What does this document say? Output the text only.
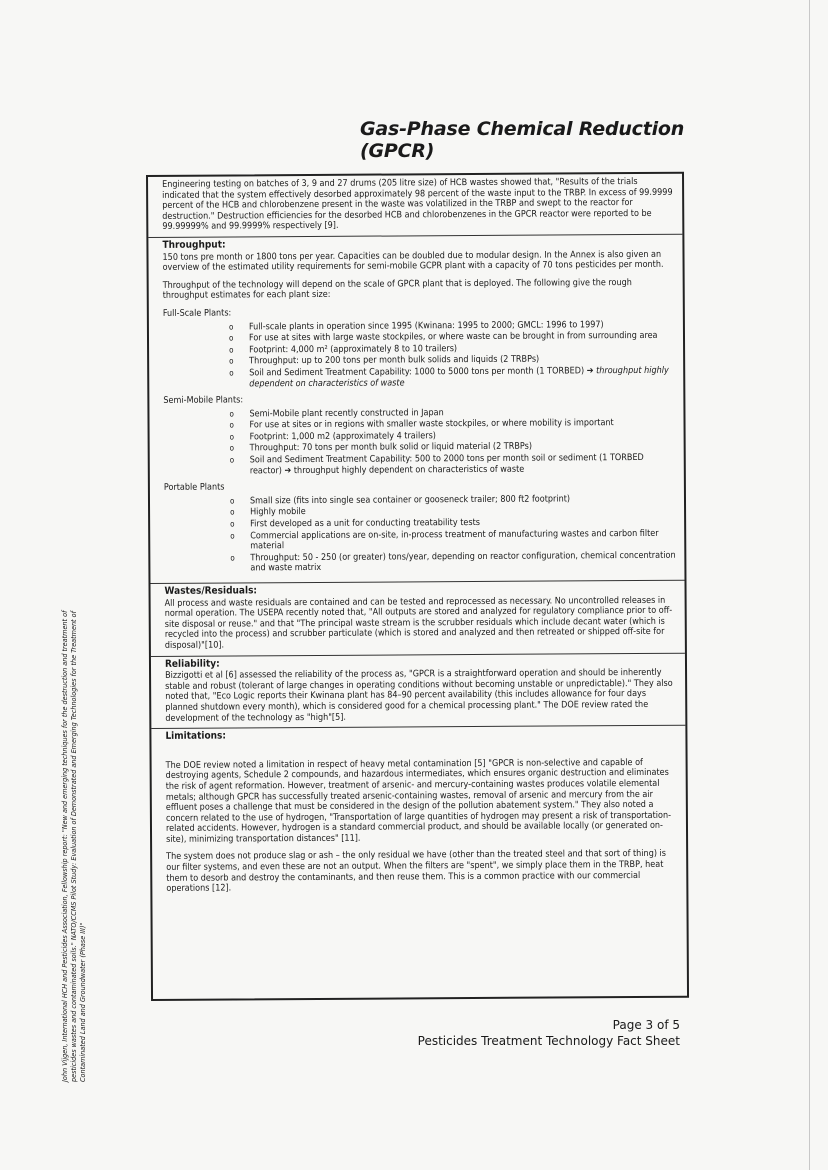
Gas-Phase Chemical Reduction (GPCR)
Engineering testing on batches of 3, 9 and 27 drums (205 litre size) of HCB wastes showed that, "Results of the trials indicated that the system effectively desorbed approximately 98 percent of the waste input to the TRBP. In excess of 99.9999 percent of the HCB and chlorobenzene present in the waste was volatilized in the TRBP and swept to the reactor for destruction." Destruction efficiencies for the desorbed HCB and chlorobenzenes in the GPCR reactor were reported to be 99.99999% and 99.9999% respectively [9].
Throughput:
150 tons pre month or 1800 tons per year. Capacities can be doubled due to modular design. In the Annex is also given an overview of the estimated utility requirements for semi-mobile GCPR plant with a capacity of 70 tons pesticides per month.
Throughput of the technology will depend on the scale of GPCR plant that is deployed. The following give the rough throughput estimates for each plant size:
Full-Scale Plants:
o Full-scale plants in operation since 1995 (Kwinana: 1995 to 2000; GMCL: 1996 to 1997)
o For use at sites with large waste stockpiles, or where waste can be brought in from surrounding area
o Footprint: 4,000 m² (approximately 8 to 10 trailers)
o Throughput: up to 200 tons per month bulk solids and liquids (2 TRBPs)
o Soil and Sediment Treatment Capability: 1000 to 5000 tons per month (1 TORBED) ➔ throughput highly dependent on characteristics of waste
Semi-Mobile Plants:
o Semi-Mobile plant recently constructed in Japan
o For use at sites or in regions with smaller waste stockpiles, or where mobility is important
o Footprint: 1,000 m2 (approximately 4 trailers)
o Throughput: 70 tons per month bulk solid or liquid material (2 TRBPs)
o Soil and Sediment Treatment Capability: 500 to 2000 tons per month soil or sediment (1 TORBED reactor) ➔ throughput highly dependent on characteristics of waste
Portable Plants
o Small size (fits into single sea container or gooseneck trailer; 800 ft2 footprint)
o Highly mobile
o First developed as a unit for conducting treatability tests
o Commercial applications are on-site, in-process treatment of manufacturing wastes and carbon filter material
o Throughput: 50 - 250 (or greater) tons/year, depending on reactor configuration, chemical concentration and waste matrix
Wastes/Residuals:
All process and waste residuals are contained and can be tested and reprocessed as necessary. No uncontrolled releases in normal operation. The USEPA recently noted that, "All outputs are stored and analyzed for regulatory compliance prior to off-site disposal or reuse." and that "The principal waste stream is the scrubber residuals which include decant water (which is recycled into the process) and scrubber particulate (which is stored and analyzed and then retreated or shipped off-site for disposal)"[10].
Reliability:
Bizzigotti et al [6] assessed the reliability of the process as, "GPCR is a straightforward operation and should be inherently stable and robust (tolerant of large changes in operating conditions without becoming unstable or unpredictable)." They also noted that, "Eco Logic reports their Kwinana plant has 84–90 percent availability (this includes allowance for four days planned shutdown every month), which is considered good for a chemical processing plant." The DOE review rated the development of the technology as "high"[5].
Limitations:
The DOE review noted a limitation in respect of heavy metal contamination [5] "GPCR is non-selective and capable of destroying agents, Schedule 2 compounds, and hazardous intermediates, which ensures organic destruction and eliminates the risk of agent reformation. However, treatment of arsenic- and mercury-containing wastes produces volatile elemental metals; although GPCR has successfully treated arsenic-containing wastes, removal of arsenic and mercury from the air effluent poses a challenge that must be considered in the design of the pollution abatement system." They also noted a concern related to the use of hydrogen, "Transportation of large quantities of hydrogen may present a risk of transportation-related accidents. However, hydrogen is a standard commercial product, and should be available locally (or generated on-site), minimizing transportation distances" [11].
The system does not produce slag or ash – the only residual we have (other than the treated steel and that sort of thing) is our filter systems, and even these are not an output. When the filters are "spent", we simply place them in the TRBP, heat them to desorb and destroy the contaminants, and then reuse them. This is a common practice with our commercial operations [12].
Page 3 of 5
Pesticides Treatment Technology Fact Sheet
John Vijgen, International HCH and Pesticides Association, Fellowship report: "New and emerging techniques for the destruction and treatment of pesticides wastes and contaminated soils." NATO/CCMS Pilot Study: Evaluation of Demonstrated and Emerging Technologies for the Treatment of Contaminated Land and Groundwater (Phase III)"
